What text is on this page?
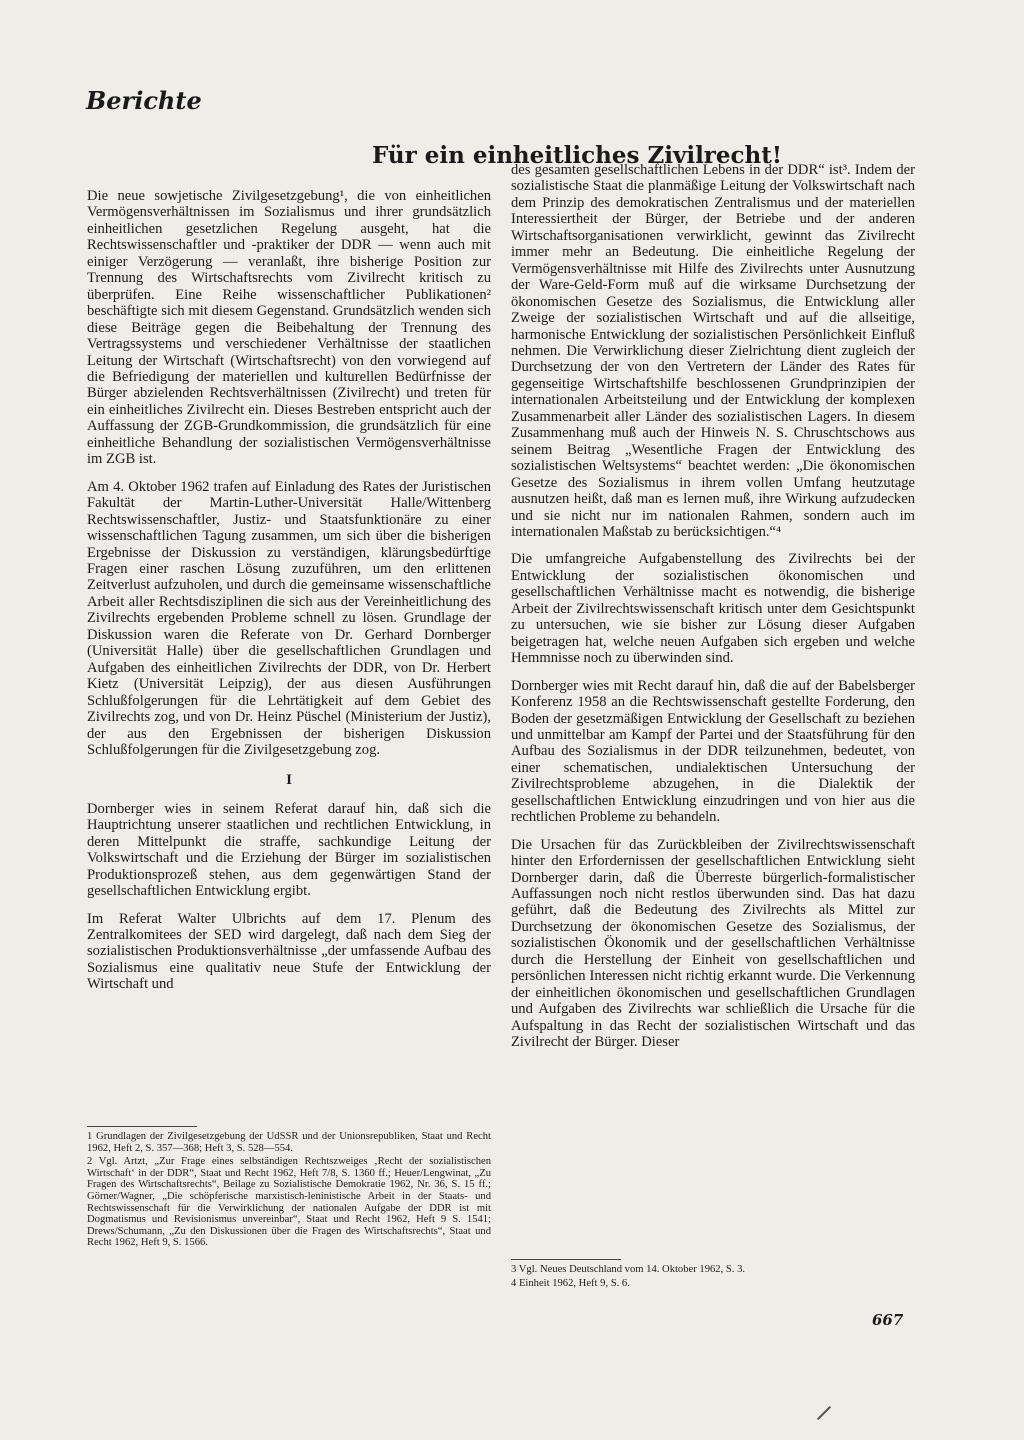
Berichte
Für ein einheitliches Zivilrecht!

Die neue sowjetische Zivilgesetzgebung¹, die von einheitlichen Vermögensverhältnissen im Sozialismus und ihrer grundsätzlich einheitlichen gesetzlichen Regelung ausgeht, hat die Rechtswissenschaftler und -praktiker der DDR — wenn auch mit einiger Verzögerung — veranlaßt, ihre bisherige Position zur Trennung des Wirtschaftsrechts vom Zivilrecht kritisch zu überprüfen. Eine Reihe wissenschaftlicher Publikationen² beschäftigte sich mit diesem Gegenstand. Grundsätzlich wenden sich diese Beiträge gegen die Beibehaltung der Trennung des Vertragssystems und verschiedener Verhältnisse der staatlichen Leitung der Wirtschaft (Wirtschaftsrecht) von den vorwiegend auf die Befriedigung der materiellen und kulturellen Bedürfnisse der Bürger abzielenden Rechtsverhältnissen (Zivilrecht) und treten für ein einheitliches Zivilrecht ein. Dieses Bestreben entspricht auch der Auffassung der ZGB-Grundkommission, die grundsätzlich für eine einheitliche Behandlung der sozialistischen Vermögensverhältnisse im ZGB ist.

Am 4. Oktober 1962 trafen auf Einladung des Rates der Juristischen Fakultät der Martin-Luther-Universität Halle/Wittenberg Rechtswissenschaftler, Justiz- und Staatsfunktionäre zu einer wissenschaftlichen Tagung zusammen, um sich über die bisherigen Ergebnisse der Diskussion zu verständigen, klärungsbedürftige Fragen einer raschen Lösung zuzuführen, um den erlittenen Zeitverlust aufzuholen, und durch die gemeinsame wissenschaftliche Arbeit aller Rechtsdisziplinen die sich aus der Vereinheitlichung des Zivilrechts ergebenden Probleme schnell zu lösen. Grundlage der Diskussion waren die Referate von Dr. Gerhard Dornberger (Universität Halle) über die gesellschaftlichen Grundlagen und Aufgaben des einheitlichen Zivilrechts der DDR, von Dr. Herbert Kietz (Universität Leipzig), der aus diesen Ausführungen Schlußfolgerungen für die Lehrtätigkeit auf dem Gebiet des Zivilrechts zog, und von Dr. Heinz Püschel (Ministerium der Justiz), der aus den Ergebnissen der bisherigen Diskussion Schlußfolgerungen für die Zivilgesetzgebung zog.

I

Dornberger wies in seinem Referat darauf hin, daß sich die Hauptrichtung unserer staatlichen und rechtlichen Entwicklung, in deren Mittelpunkt die straffe, sachkundige Leitung der Volkswirtschaft und die Erziehung der Bürger im sozialistischen Produktionsprozeß stehen, aus dem gegenwärtigen Stand der gesellschaftlichen Entwicklung ergibt.

Im Referat Walter Ulbrichts auf dem 17. Plenum des Zentralkomitees der SED wird dargelegt, daß nach dem Sieg der sozialistischen Produktionsverhältnisse „der umfassende Aufbau des Sozialismus eine qualitativ neue Stufe der Entwicklung der Wirtschaft und

1 Grundlagen der Zivilgesetzgebung der UdSSR und der Unionsrepubliken, Staat und Recht 1962, Heft 2, S. 357—368; Heft 3, S. 528—554.

2 Vgl. Artzt, „Zur Frage eines selbständigen Rechtszweiges ‚Recht der sozialistischen Wirtschaft‘ in der DDR“, Staat und Recht 1962, Heft 7/8, S. 1360 ff.; Heuer/Lengwinat, „Zu Fragen des Wirtschaftsrechts“, Beilage zu Sozialistische Demokratie 1962, Nr. 36, S. 15 ff.; Görner/Wagner, „Die schöpferische marxistisch-leninistische Arbeit in der Staats- und Rechtswissenschaft für die Verwirklichung der nationalen Aufgabe der DDR ist mit Dogmatismus und Revisionismus unvereinbar“, Staat und Recht 1962, Heft 9 S. 1541; Drews/Schumann, „Zu den Diskussionen über die Fragen des Wirtschaftsrechts“, Staat und Recht 1962, Heft 9, S. 1566.

des gesamten gesellschaftlichen Lebens in der DDR“ ist³. Indem der sozialistische Staat die planmäßige Leitung der Volkswirtschaft nach dem Prinzip des demokratischen Zentralismus und der materiellen Interessiertheit der Bürger, der Betriebe und der anderen Wirtschaftsorganisationen verwirklicht, gewinnt das Zivilrecht immer mehr an Bedeutung. Die einheitliche Regelung der Vermögensverhältnisse mit Hilfe des Zivilrechts unter Ausnutzung der Ware-Geld-Form muß auf die wirksame Durchsetzung der ökonomischen Gesetze des Sozialismus, die Entwicklung aller Zweige der sozialistischen Wirtschaft und auf die allseitige, harmonische Entwicklung der sozialistischen Persönlichkeit Einfluß nehmen. Die Verwirklichung dieser Zielrichtung dient zugleich der Durchsetzung der von den Vertretern der Länder des Rates für gegenseitige Wirtschaftshilfe beschlossenen Grundprinzipien der internationalen Arbeitsteilung und der Entwicklung der komplexen Zusammenarbeit aller Länder des sozialistischen Lagers. In diesem Zusammenhang muß auch der Hinweis N. S. Chruschtschows aus seinem Beitrag „Wesentliche Fragen der Entwicklung des sozialistischen Weltsystems“ beachtet werden: „Die ökonomischen Gesetze des Sozialismus in ihrem vollen Umfang heutzutage ausnutzen heißt, daß man es lernen muß, ihre Wirkung aufzudecken und sie nicht nur im nationalen Rahmen, sondern auch im internationalen Maßstab zu berücksichtigen.“⁴

Die umfangreiche Aufgabenstellung des Zivilrechts bei der Entwicklung der sozialistischen ökonomischen und gesellschaftlichen Verhältnisse macht es notwendig, die bisherige Arbeit der Zivilrechtswissenschaft kritisch unter dem Gesichtspunkt zu untersuchen, wie sie bisher zur Lösung dieser Aufgaben beigetragen hat, welche neuen Aufgaben sich ergeben und welche Hemmnisse noch zu überwinden sind.

Dornberger wies mit Recht darauf hin, daß die auf der Babelsberger Konferenz 1958 an die Rechtswissenschaft gestellte Forderung, den Boden der gesetzmäßigen Entwicklung der Gesellschaft zu beziehen und unmittelbar am Kampf der Partei und der Staatsführung für den Aufbau des Sozialismus in der DDR teilzunehmen, bedeutet, von einer schematischen, undialektischen Untersuchung der Zivilrechtsprobleme abzugehen, in die Dialektik der gesellschaftlichen Entwicklung einzudringen und von hier aus die rechtlichen Probleme zu behandeln.

Die Ursachen für das Zurückbleiben der Zivilrechtswissenschaft hinter den Erfordernissen der gesellschaftlichen Entwicklung sieht Dornberger darin, daß die Überreste bürgerlich-formalistischer Auffassungen noch nicht restlos überwunden sind. Das hat dazu geführt, daß die Bedeutung des Zivilrechts als Mittel zur Durchsetzung der ökonomischen Gesetze des Sozialismus, der sozialistischen Ökonomik und der gesellschaftlichen Verhältnisse durch die Herstellung der Einheit von gesellschaftlichen und persönlichen Interessen nicht richtig erkannt wurde. Die Verkennung der einheitlichen ökonomischen und gesellschaftlichen Grundlagen und Aufgaben des Zivilrechts war schließlich die Ursache für die Aufspaltung in das Recht der sozialistischen Wirtschaft und das Zivilrecht der Bürger. Dieser

3 Vgl. Neues Deutschland vom 14. Oktober 1962, S. 3.

4 Einheit 1962, Heft 9, S. 6.

667
